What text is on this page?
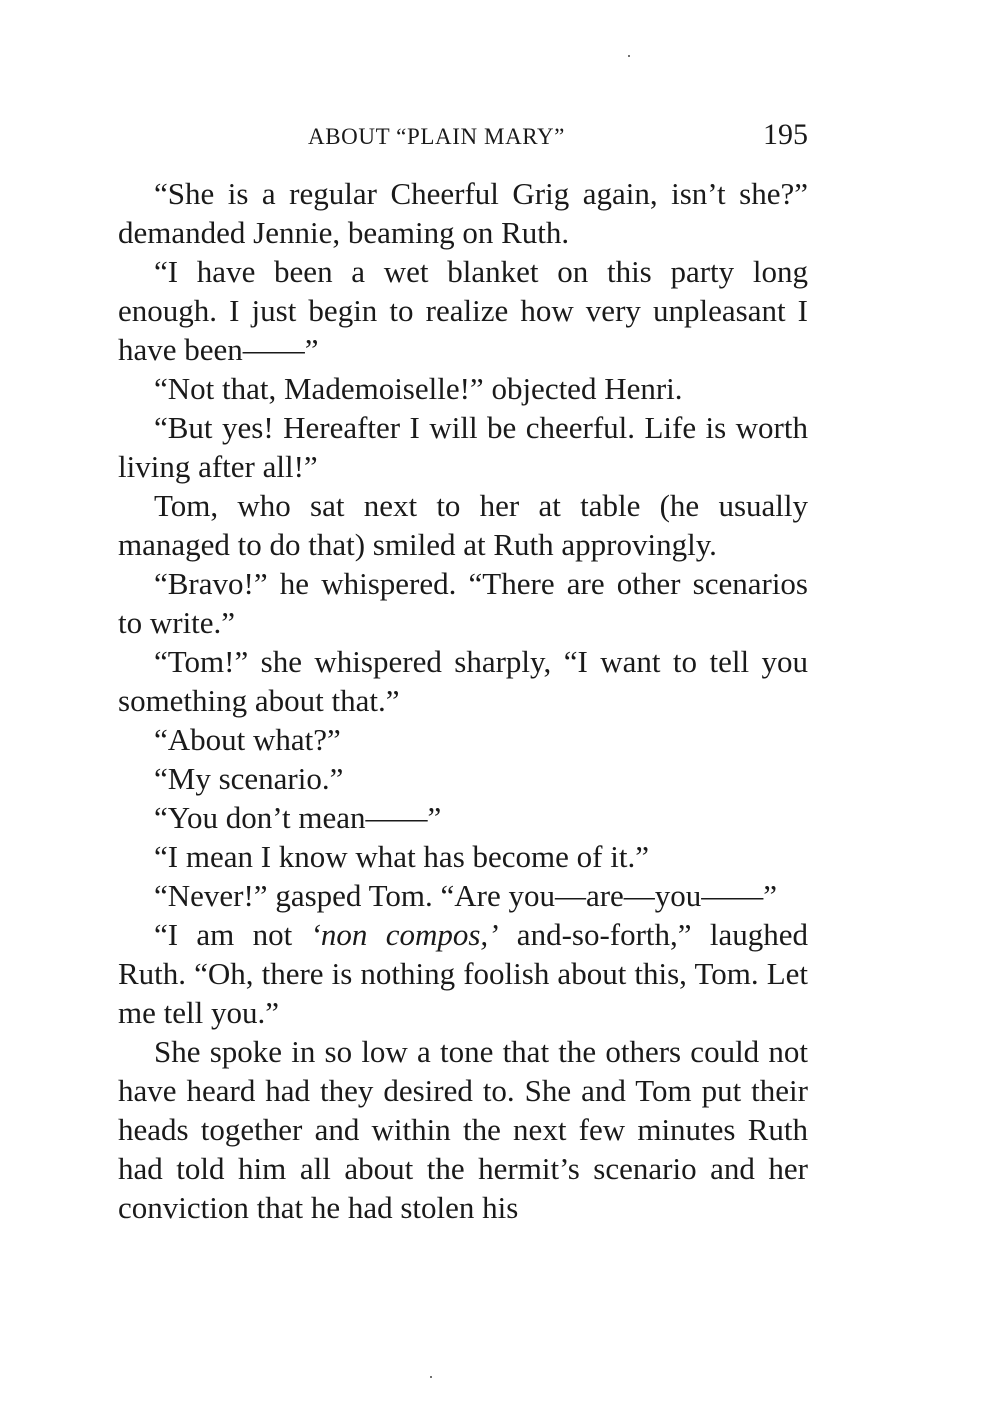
ABOUT “PLAIN MARY”	195

“She is a regular Cheerful Grig again, isn’t she?” demanded Jennie, beaming on Ruth.

“I have been a wet blanket on this party long enough. I just begin to realize how very unpleasant I have been——”

“Not that, Mademoiselle!” objected Henri.

“But yes! Hereafter I will be cheerful. Life is worth living after all!”

Tom, who sat next to her at table (he usually managed to do that) smiled at Ruth approvingly.

“Bravo!” he whispered. “There are other scenarios to write.”

“Tom!” she whispered sharply, “I want to tell you something about that.”

“About what?”

“My scenario.”

“You don’t mean——”

“I mean I know what has become of it.”

“Never!” gasped Tom. “Are you—are—you——”

“I am not ‘non compos,’ and-so-forth,” laughed Ruth. “Oh, there is nothing foolish about this, Tom. Let me tell you.”

She spoke in so low a tone that the others could not have heard had they desired to. She and Tom put their heads together and within the next few minutes Ruth had told him all about the hermit’s scenario and her conviction that he had stolen his
